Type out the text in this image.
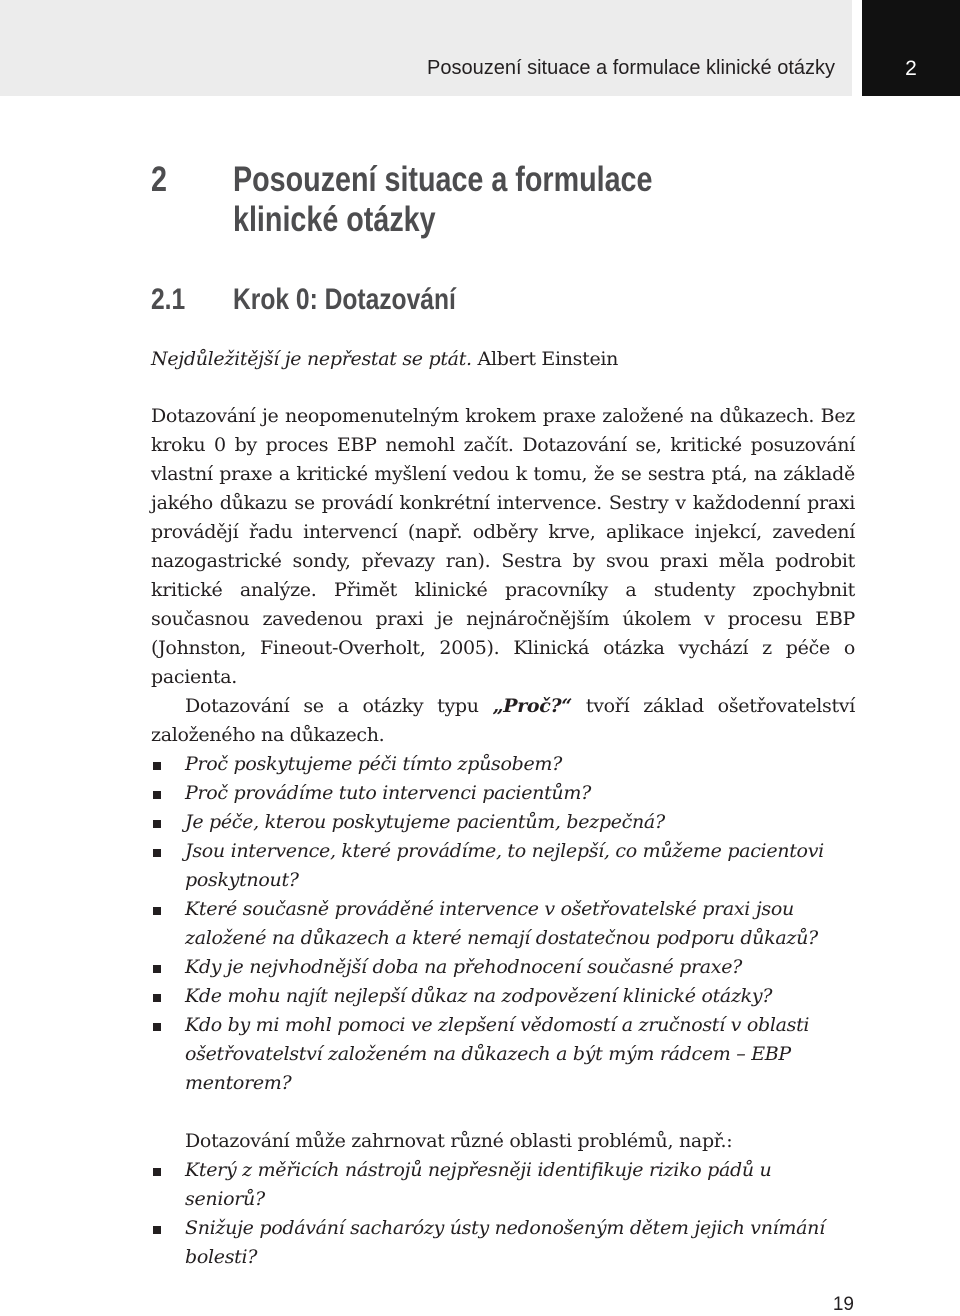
Posouzení situace a formulace klinické otázky	2
2 Posouzení situace a formulace
klinické otázky
2.1 Krok 0: Dotazování
Nejdůležitější je nepřestat se ptát. Albert Einstein

Dotazování je neopomenutelným krokem praxe založené na důkazech. Bez kroku 0 by proces EBP nemohl začít. Dotazování se, kritické posuzování vlastní praxe a kritické myšlení vedou k tomu, že se sestra ptá, na základě jakého důkazu se provádí konkrétní intervence. Sestry v každodenní praxi provádějí řadu intervencí (např. odběry krve, aplikace injekcí, zavedení nazogastrické sondy, převazy ran). Sestra by svou praxi měla podrobit kritické analýze. Přimět klinické pracovníky a studenty zpochybnit současnou zavedenou praxi je nejnáročnějším úkolem v procesu EBP (Johnston, Fineout-Overholt, 2005). Klinická otázka vychází z péče o pacienta.

Dotazování se a otázky typu „Proč?“ tvoří základ ošetřovatelství založeného na důkazech.

Proč poskytujeme péči tímto způsobem?
Proč provádíme tuto intervenci pacientům?
Je péče, kterou poskytujeme pacientům, bezpečná?
Jsou intervence, které provádíme, to nejlepší, co můžeme pacientovi poskytnout?
Které současně prováděné intervence v ošetřovatelské praxi jsou založené na důkazech a které nemají dostatečnou podporu důkazů?
Kdy je nejvhodnější doba na přehodnocení současné praxe?
Kde mohu najít nejlepší důkaz na zodpovězení klinické otázky?
Kdo by mi mohl pomoci ve zlepšení vědomostí a zručností v oblasti ošetřovatelství založeném na důkazech a být mým rádcem – EBP mentorem?

Dotazování může zahrnovat různé oblasti problémů, např.:

Který z měřicích nástrojů nejpřesněji identifikuje riziko pádů u seniorů?
Snižuje podávání sacharózy ústy nedonošeným dětem jejich vnímání bolesti?
19
